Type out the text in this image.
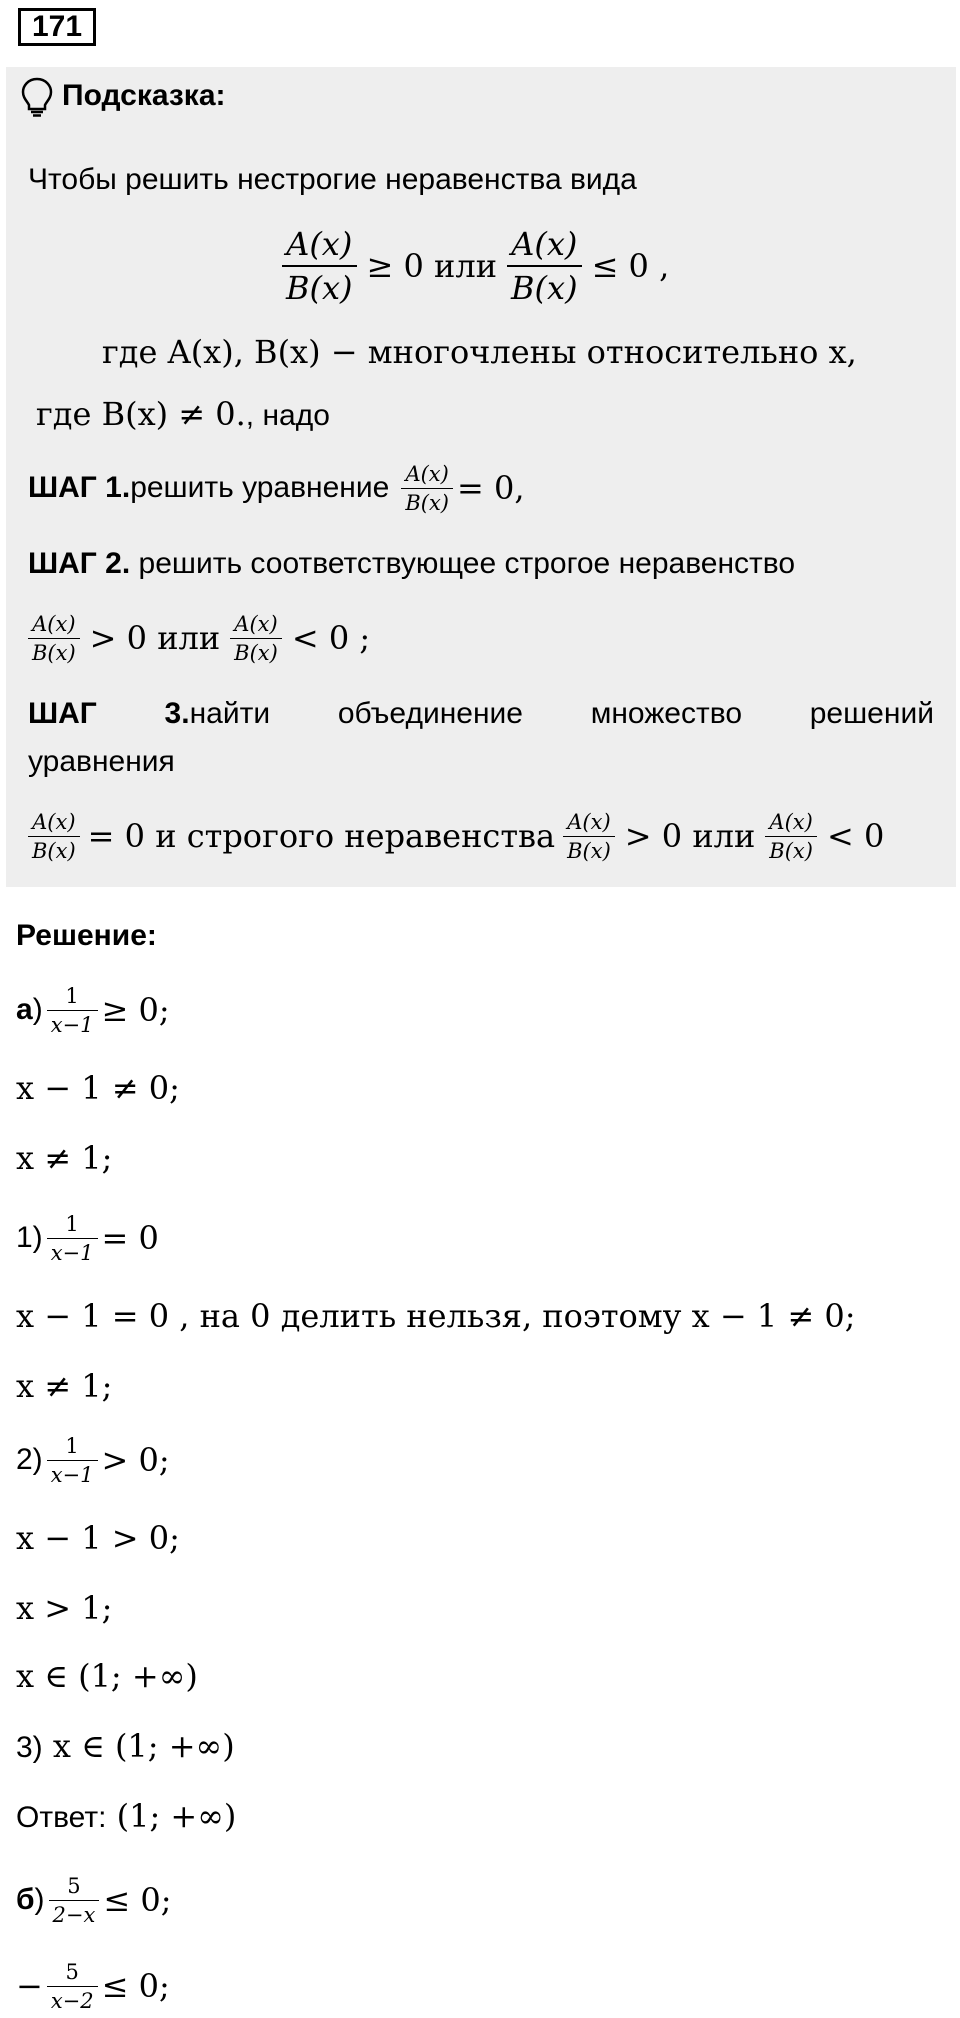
171
Подсказка:
Чтобы решить нестрогие неравенства вида
$\frac{A(x)}{B(x)} \ge 0$ или $\frac{A(x)}{B(x)} \le 0$ ,
где A(x), B(x) − многочлены относительно x,
где B(x) ≠ 0., надо
ШАГ 1. решить уравнение $\frac{A(x)}{B(x)} = 0$,
ШАГ 2. решить соответствующее строгое неравенство
$\frac{A(x)}{B(x)} > 0$ или $\frac{A(x)}{B(x)} < 0$ ;
ШАГ 3.найти объединение множество решений
уравнения
$\frac{A(x)}{B(x)} = 0$ и строгого неравенства $\frac{A(x)}{B(x)} > 0$ или $\frac{A(x)}{B(x)} < 0$
Решение:
а ) $\frac{1}{x-1} \ge 0$;
x − 1 ≠ 0;
x ≠ 1;
$1) \frac{1}{x-1} = 0$
x − 1 = 0 , на 0 делить нельзя, поэтому x − 1 ≠ 0;
x ≠ 1;
$2) \frac{1}{x-1} > 0$;
x − 1 > 0;
x > 1;
x ∈ (1; +∞)
3) x ∈ (1; +∞)
Ответ: (1; +∞)
б ) $\frac{5}{2-x} \le 0$;
− $\frac{5}{x-2} \le 0$;
